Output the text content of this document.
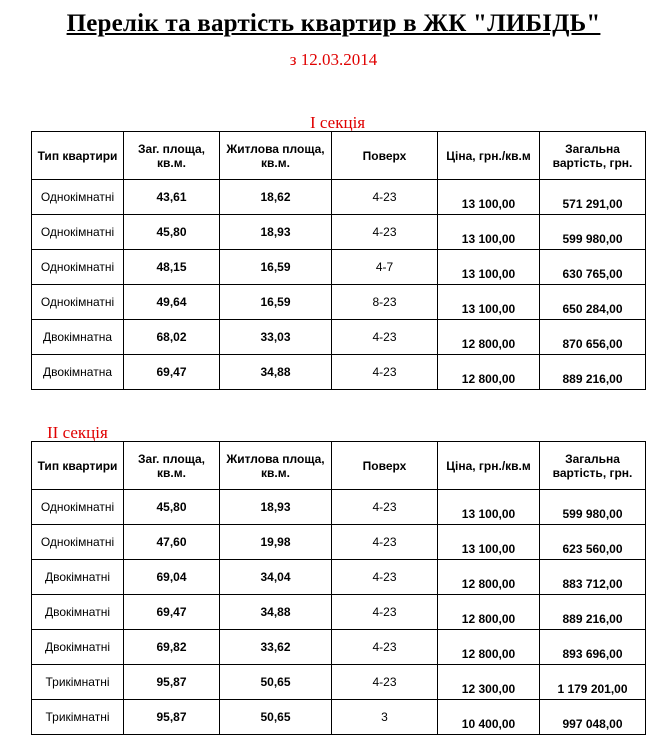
Перелік та вартість квартир в ЖК "ЛИБІДЬ"
з 12.03.2014
І секція
Тип квартири	Заг. площа, кв.м.	Житлова площа, кв.м.	Поверх	Ціна, грн./кв.м	Загальна вартість, грн.
Однокімнатні	43,61	18,62	4-23	13 100,00	571 291,00
Однокімнатні	45,80	18,93	4-23	13 100,00	599 980,00
Однокімнатні	48,15	16,59	4-7	13 100,00	630 765,00
Однокімнатні	49,64	16,59	8-23	13 100,00	650 284,00
Двокімнатна	68,02	33,03	4-23	12 800,00	870 656,00
Двокімнатна	69,47	34,88	4-23	12 800,00	889 216,00
ІІ секція
Тип квартири	Заг. площа, кв.м.	Житлова площа, кв.м.	Поверх	Ціна, грн./кв.м	Загальна вартість, грн.
Однокімнатні	45,80	18,93	4-23	13 100,00	599 980,00
Однокімнатні	47,60	19,98	4-23	13 100,00	623 560,00
Двокімнатні	69,04	34,04	4-23	12 800,00	883 712,00
Двокімнатні	69,47	34,88	4-23	12 800,00	889 216,00
Двокімнатні	69,82	33,62	4-23	12 800,00	893 696,00
Трикімнатні	95,87	50,65	4-23	12 300,00	1 179 201,00
Трикімнатні	95,87	50,65	3	10 400,00	997 048,00
